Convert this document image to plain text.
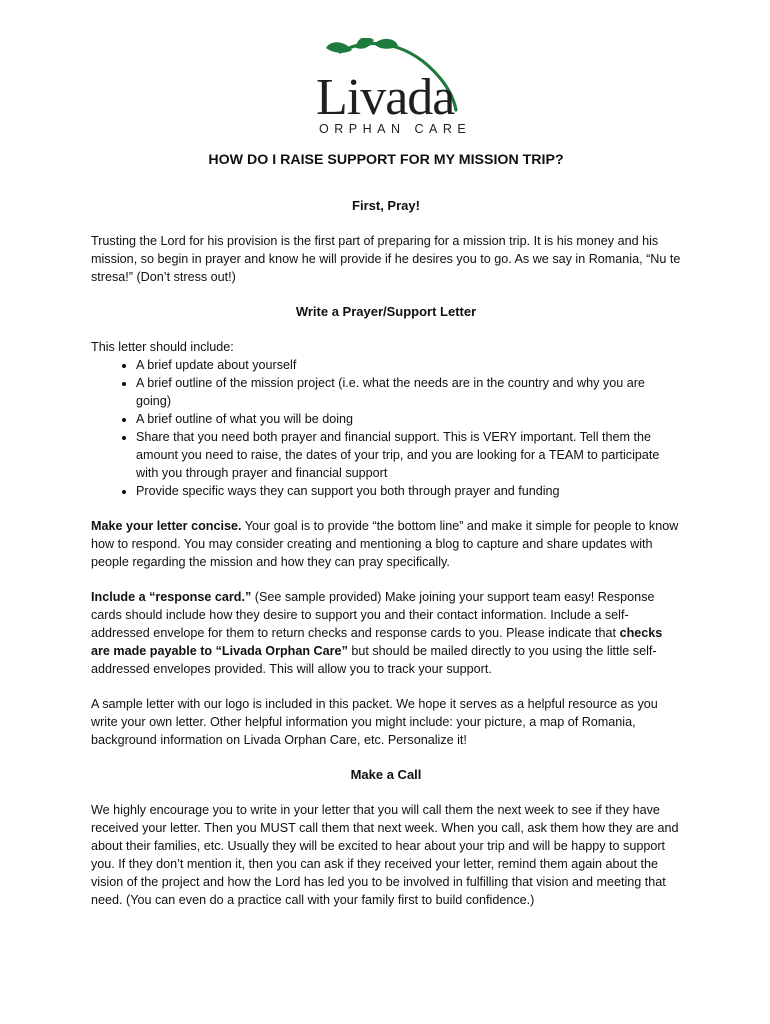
Livada
ORPHAN CARE
HOW DO I RAISE SUPPORT FOR MY MISSION TRIP?
First, Pray!

Trusting the Lord for his provision is the first part of preparing for a mission trip. It is his money and his mission, so begin in prayer and know he will provide if he desires you to go. As we say in Romania, “Nu te stresa!” (Don’t stress out!)

Write a Prayer/Support Letter

This letter should include:

• A brief update about yourself
• A brief outline of the mission project (i.e. what the needs are in the country and why you are going)
• A brief outline of what you will be doing
• Share that you need both prayer and financial support. This is VERY important. Tell them the amount you need to raise, the dates of your trip, and you are looking for a TEAM to participate with you through prayer and financial support
• Provide specific ways they can support you both through prayer and funding

Make your letter concise. Your goal is to provide “the bottom line” and make it simple for people to know how to respond. You may consider creating and mentioning a blog to capture and share updates with people regarding the mission and how they can pray specifically.

Include a “response card.” (See sample provided) Make joining your support team easy! Response cards should include how they desire to support you and their contact information. Include a self-addressed envelope for them to return checks and response cards to you. Please indicate that checks are made payable to “Livada Orphan Care” but should be mailed directly to you using the little self-addressed envelopes provided. This will allow you to track your support.

A sample letter with our logo is included in this packet. We hope it serves as a helpful resource as you write your own letter. Other helpful information you might include: your picture, a map of Romania, background information on Livada Orphan Care, etc. Personalize it!

Make a Call

We highly encourage you to write in your letter that you will call them the next week to see if they have received your letter. Then you MUST call them that next week. When you call, ask them how they are and about their families, etc. Usually they will be excited to hear about your trip and will be happy to support you. If they don’t mention it, then you can ask if they received your letter, remind them again about the vision of the project and how the Lord has led you to be involved in fulfilling that vision and meeting that need. (You can even do a practice call with your family first to build confidence.)
